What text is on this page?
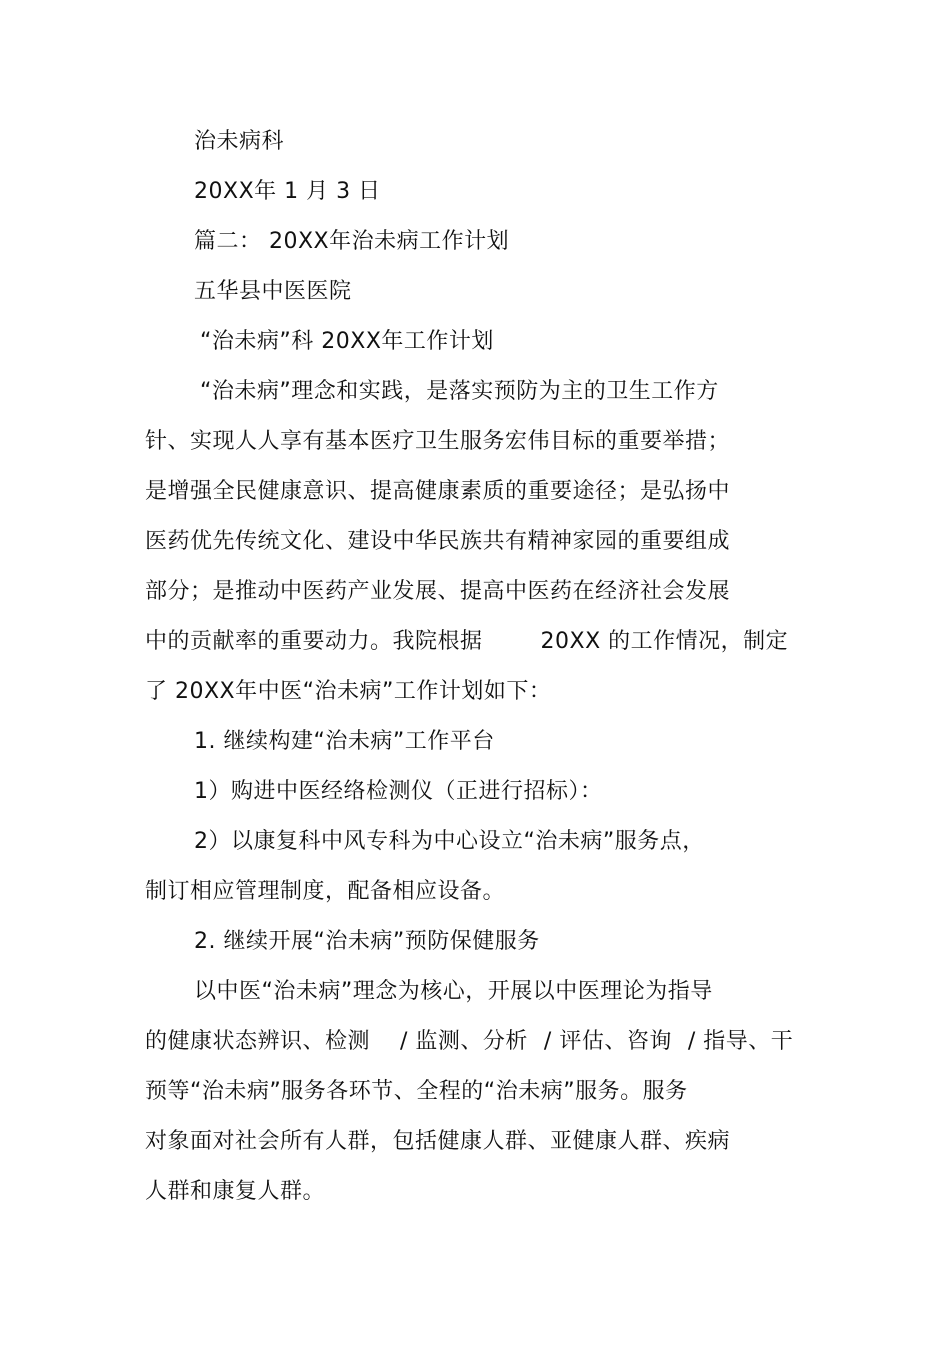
治未病科
20XX年 1 月 3 日
篇二： 20XX年治未病工作计划
五华县中医医院
“治未病”科 20XX年工作计划
“治未病”理念和实践，是落实预防为主的卫生工作方
针、实现人人享有基本医疗卫生服务宏伟目标的重要举措；
是增强全民健康意识、提高健康素质的重要途径；是弘扬中
医药优先传统文化、建设中华民族共有精神家园的重要组成
部分；是推动中医药产业发展、提高中医药在经济社会发展
中的贡献率的重要动力。我院根据	20XX 的工作情况，制定
了 20XX年中医“治未病”工作计划如下：
1. 继续构建“治未病”工作平台
1）购进中医经络检测仪（正进行招标）：
2）以康复科中风专科为中心设立“治未病”服务点，
制订相应管理制度，配备相应设备。
2. 继续开展“治未病”预防保健服务
以中医“治未病”理念为核心，开展以中医理论为指导
的健康状态辨识、检测 / 监测、分析 / 评估、咨询 / 指导、干
预等“治未病”服务各环节、全程的“治未病”服务。服务
对象面对社会所有人群，包括健康人群、亚健康人群、疾病
人群和康复人群。
